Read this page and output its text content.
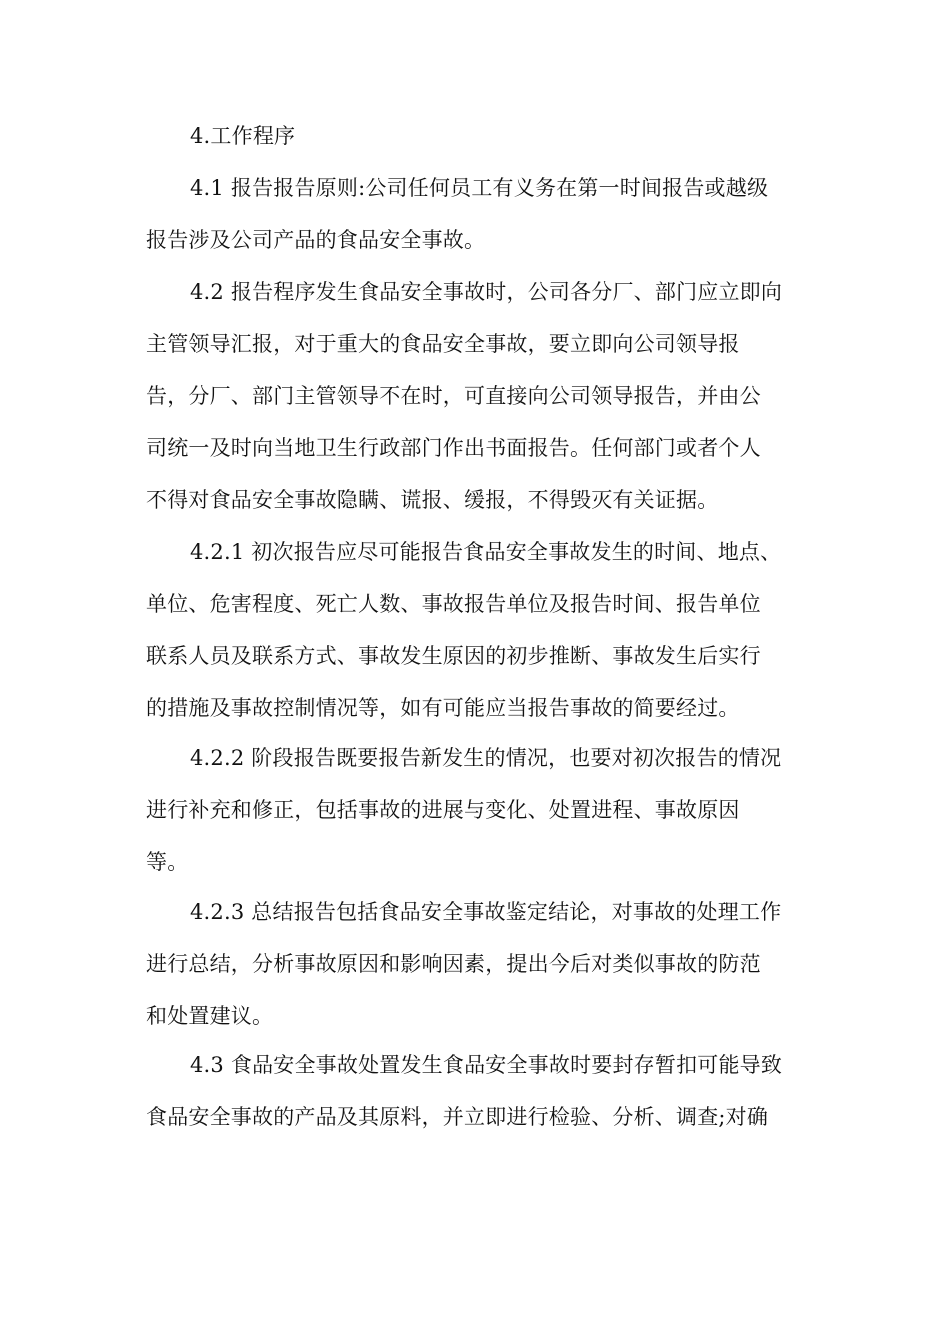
4.工作程序
4.1 报告报告原则:公司任何员工有义务在第一时间报告或越级
报告涉及公司产品的食品安全事故。
4.2 报告程序发生食品安全事故时，公司各分厂、部门应立即向
主管领导汇报，对于重大的食品安全事故，要立即向公司领导报
告，分厂、部门主管领导不在时，可直接向公司领导报告，并由公
司统一及时向当地卫生行政部门作出书面报告。任何部门或者个人
不得对食品安全事故隐瞒、谎报、缓报，不得毁灭有关证据。
4.2.1 初次报告应尽可能报告食品安全事故发生的时间、地点、
单位、危害程度、死亡人数、事故报告单位及报告时间、报告单位
联系人员及联系方式、事故发生原因的初步推断、事故发生后实行
的措施及事故控制情况等，如有可能应当报告事故的简要经过。
4.2.2 阶段报告既要报告新发生的情况，也要对初次报告的情况
进行补充和修正，包括事故的进展与变化、处置进程、事故原因
等。
4.2.3 总结报告包括食品安全事故鉴定结论，对事故的处理工作
进行总结，分析事故原因和影响因素，提出今后对类似事故的防范
和处置建议。
4.3 食品安全事故处置发生食品安全事故时要封存暂扣可能导致
食品安全事故的产品及其原料，并立即进行检验、分析、调查;对确
